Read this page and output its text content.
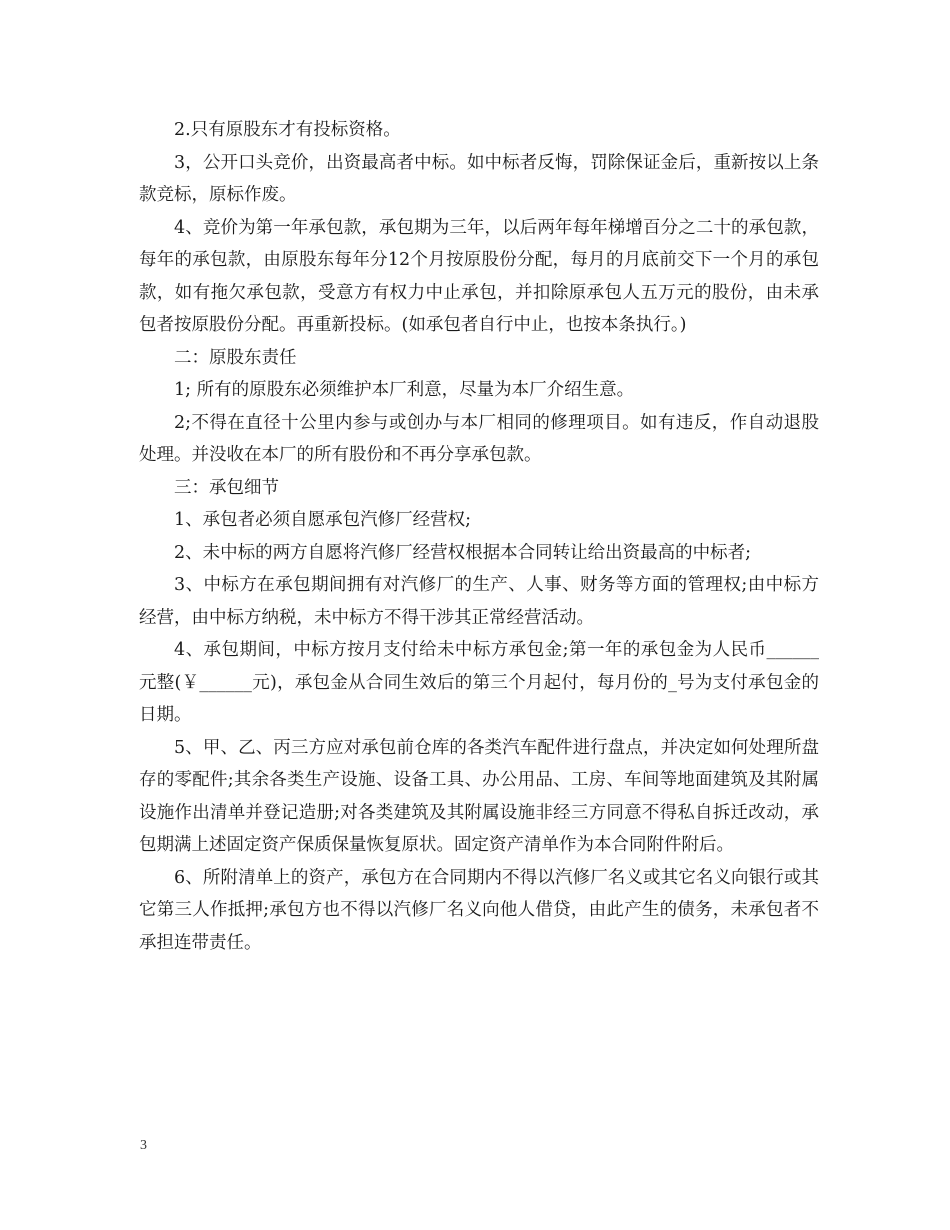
2.只有原股东才有投标资格。

3，公开口头竞价，出资最高者中标。如中标者反悔，罚除保证金后，重新按以上条款竞标，原标作废。

4、竞价为第一年承包款，承包期为三年，以后两年每年梯增百分之二十的承包款，每年的承包款，由原股东每年分12个月按原股份分配，每月的月底前交下一个月的承包款，如有拖欠承包款，受意方有权力中止承包，并扣除原承包人五万元的股份，由未承包者按原股份分配。再重新投标。(如承包者自行中止，也按本条执行。)

二：原股东责任

1; 所有的原股东必须维护本厂利意，尽量为本厂介绍生意。

2;不得在直径十公里内参与或创办与本厂相同的修理项目。如有违反，作自动退股处理。并没收在本厂的所有股份和不再分享承包款。

三：承包细节

1、承包者必须自愿承包汽修厂经营权;

2、未中标的两方自愿将汽修厂经营权根据本合同转让给出资最高的中标者;

3、中标方在承包期间拥有对汽修厂的生产、人事、财务等方面的管理权;由中标方经营，由中标方纳税，未中标方不得干涉其正常经营活动。

4、承包期间，中标方按月支付给未中标方承包金;第一年的承包金为人民币______元整(￥______元)，承包金从合同生效后的第三个月起付，每月份的_号为支付承包金的日期。

5、甲、乙、丙三方应对承包前仓库的各类汽车配件进行盘点，并决定如何处理所盘存的零配件;其余各类生产设施、设备工具、办公用品、工房、车间等地面建筑及其附属设施作出清单并登记造册;对各类建筑及其附属设施非经三方同意不得私自拆迁改动，承包期满上述固定资产保质保量恢复原状。固定资产清单作为本合同附件附后。

6、所附清单上的资产，承包方在合同期内不得以汽修厂名义或其它名义向银行或其它第三人作抵押;承包方也不得以汽修厂名义向他人借贷，由此产生的债务，未承包者不承担连带责任。

3
